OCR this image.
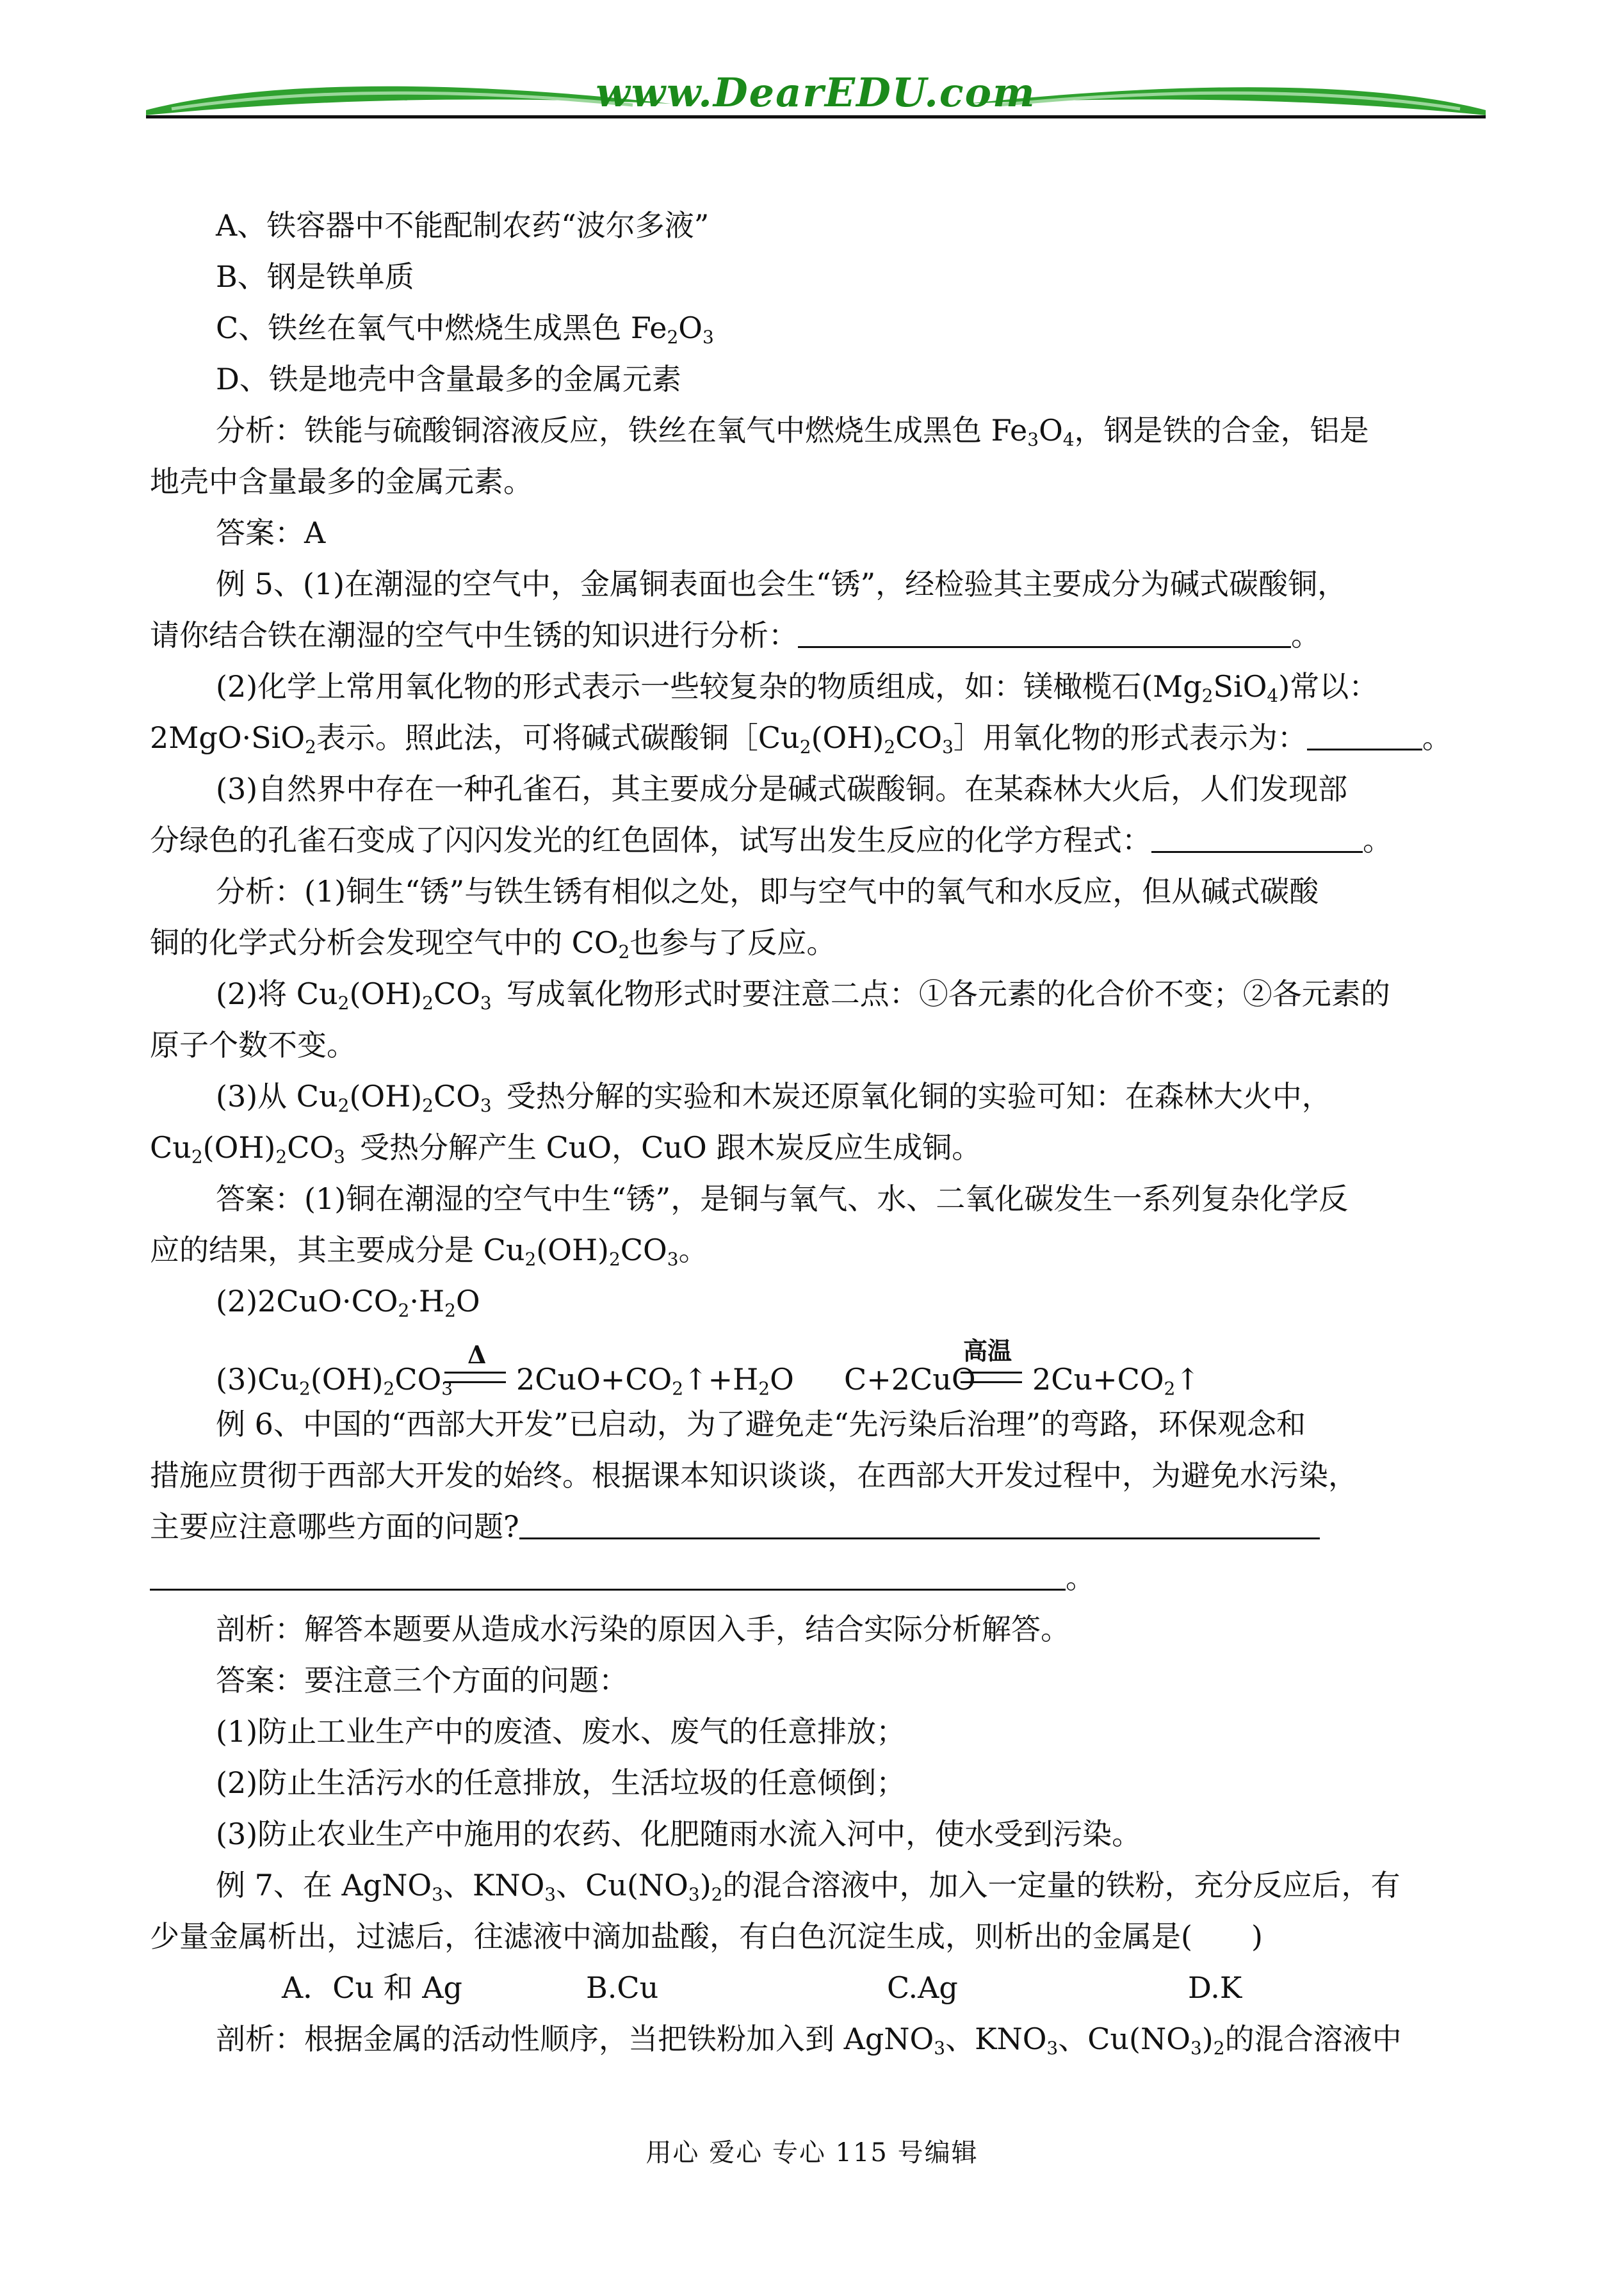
www.DearEDU.com

A、铁容器中不能配制农药“波尔多液”

B、钢是铁单质

C、铁丝在氧气中燃烧生成黑色 $Fe_2O_3$

D、铁是地壳中含量最多的金属元素

分析：铁能与硫酸铜溶液反应，铁丝在氧气中燃烧生成黑色 $Fe_3O_4$，钢是铁的合金，铝是

地壳中含量最多的金属元素。

答案：A

例 5、(1)在潮湿的空气中，金属铜表面也会生“锈”，经检验其主要成分为碱式碳酸铜，

请你结合铁在潮湿的空气中生锈的知识进行分析：	。

(2)化学上常用氧化物的形式表示一些较复杂的物质组成，如：镁橄榄石$(Mg_2SiO_4)$常以：

2MgO·SiO$_2$表示。照此法，可将碱式碳酸铜$[Cu_2(OH)_2CO_3]$用氧化物的形式表示为：	。

(3)自然界中存在一种孔雀石，其主要成分是碱式碳酸铜。在某森林大火后，人们发现部

分绿色的孔雀石变成了闪闪发光的红色固体，试写出发生反应的化学方程式：	。

分析：(1)铜生“锈”与铁生锈有相似之处，即与空气中的氧气和水反应，但从碱式碳酸

铜的化学式分析会发现空气中的 $CO_2$也参与了反应。

(2)将 $Cu_2(OH)_2CO_3$  写成氧化物形式时要注意二点：①各元素的化合价不变；②各元素的

原子个数不变。

(3)从 $Cu_2(OH)_2CO_3$  受热分解的实验和木炭还原氧化铜的实验可知：在森林大火中，

$Cu_2(OH)_2CO_3$  受热分解产生 CuO，CuO 跟木炭反应生成铜。

答案：(1)铜在潮湿的空气中生“锈”，是铜与氧气、水、二氧化碳发生一系列复杂化学反

应的结果，其主要成分是 $Cu_2(OH)_2CO_3$。

$(2)2CuO\cdot CO_2\cdot H_2O$

$(3)Cu_2(OH)_2CO_3$
Δ
$2CuO+CO_2↑+H_2O$ C+2CuO
高温
$2Cu+CO_2↑$

例 6、中国的“西部大开发”已启动，为了避免走“先污染后治理”的弯路，环保观念和

措施应贯彻于西部大开发的始终。根据课本知识谈谈，在西部大开发过程中，为避免水污染，

主要应注意哪些方面的问题?

。

剖析：解答本题要从造成水污染的原因入手，结合实际分析解答。

答案：要注意三个方面的问题：

(1)防止工业生产中的废渣、废水、废气的任意排放；

(2)防止生活污水的任意排放，生活垃圾的任意倾倒；

(3)防止农业生产中施用的农药、化肥随雨水流入河中，使水受到污染。

例 7、在 AgNO$_3$、$KNO_3$、$Cu(NO_3)_2$的混合溶液中，加入一定量的铁粉，充分反应后，有

少量金属析出，过滤后，往滤液中滴加盐酸，有白色沉淀生成，则析出的金属是(　　)

A．Cu 和 Ag	B.Cu	C.Ag	D.K

剖析：根据金属的活动性顺序，当把铁粉加入到 AgNO$_3$、$KNO_3$、$Cu(NO_3)_2$的混合溶液中

用心 爱心 专心 115 号编辑
